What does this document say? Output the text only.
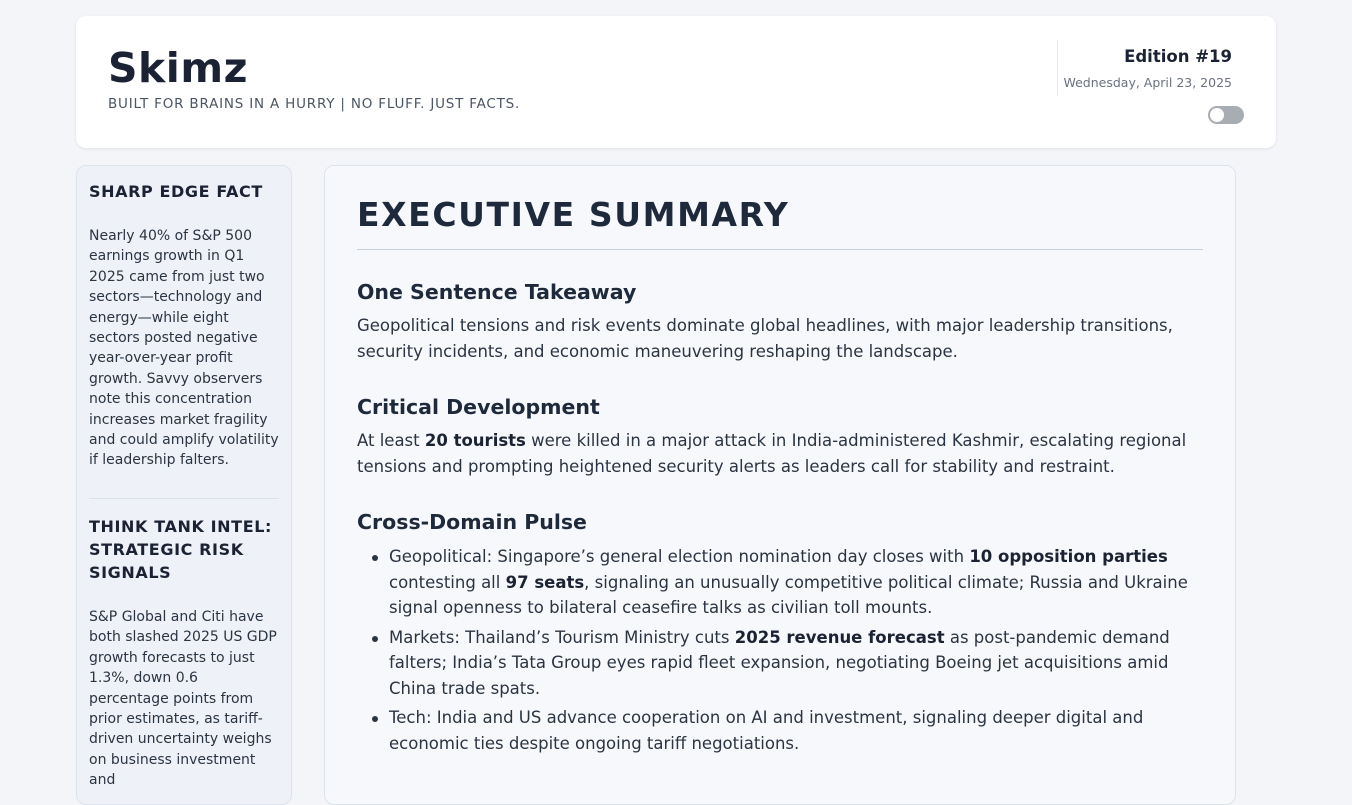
Skimz
BUILT FOR BRAINS IN A HURRY | NO FLUFF. JUST FACTS.
Edition #19
Wednesday, April 23, 2025
SHARP EDGE FACT
Nearly 40% of S&P 500 earnings growth in Q1 2025 came from just two sectors—technology and energy—while eight sectors posted negative year-over-year profit growth. Savvy observers note this concentration increases market fragility and could amplify volatility if leadership falters.
THINK TANK INTEL: STRATEGIC RISK SIGNALS
S&P Global and Citi have both slashed 2025 US GDP growth forecasts to just 1.3%, down 0.6 percentage points from prior estimates, as tariff-driven uncertainty weighs on business investment and
EXECUTIVE SUMMARY
One Sentence Takeaway
Geopolitical tensions and risk events dominate global headlines, with major leadership transitions, security incidents, and economic maneuvering reshaping the landscape.
Critical Development
At least 20 tourists were killed in a major attack in India-administered Kashmir, escalating regional tensions and prompting heightened security alerts as leaders call for stability and restraint.
Cross-Domain Pulse
Geopolitical: Singapore’s general election nomination day closes with 10 opposition parties contesting all 97 seats, signaling an unusually competitive political climate; Russia and Ukraine signal openness to bilateral ceasefire talks as civilian toll mounts.
Markets: Thailand’s Tourism Ministry cuts 2025 revenue forecast as post-pandemic demand falters; India’s Tata Group eyes rapid fleet expansion, negotiating Boeing jet acquisitions amid China trade spats.
Tech: India and US advance cooperation on AI and investment, signaling deeper digital and economic ties despite ongoing tariff negotiations.
